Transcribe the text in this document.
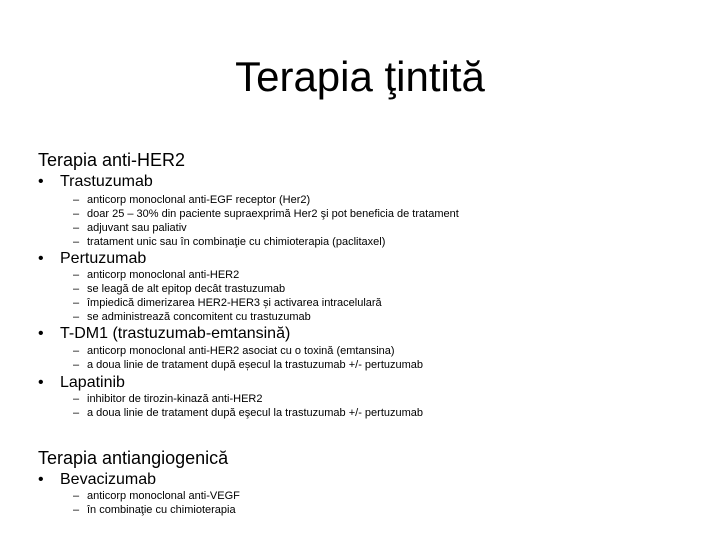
Terapia ţintită
Terapia anti-HER2
• Trastuzumab
– anticorp monoclonal anti-EGF receptor (Her2)
– doar 25 – 30% din paciente supraexprimă Her2 şi pot beneficia de tratament
– adjuvant sau paliativ
– tratament unic sau în combinaţie cu chimioterapia (paclitaxel)
• Pertuzumab
– anticorp monoclonal anti-HER2
– se leagă de alt epitop decât trastuzumab
– împiedică dimerizarea HER2-HER3 și activarea intracelulară
– se administrează concomitent cu trastuzumab
• T-DM1 (trastuzumab-emtansină)
– anticorp monoclonal anti-HER2 asociat cu o toxină (emtansina)
– a doua linie de tratament după eșecul la trastuzumab +/- pertuzumab
• Lapatinib
– inhibitor de tirozin-kinază anti-HER2
– a doua linie de tratament după eşecul la trastuzumab +/- pertuzumab
Terapia antiangiogenică
• Bevacizumab
– anticorp monoclonal anti-VEGF
– în combinaţie cu chimioterapia
